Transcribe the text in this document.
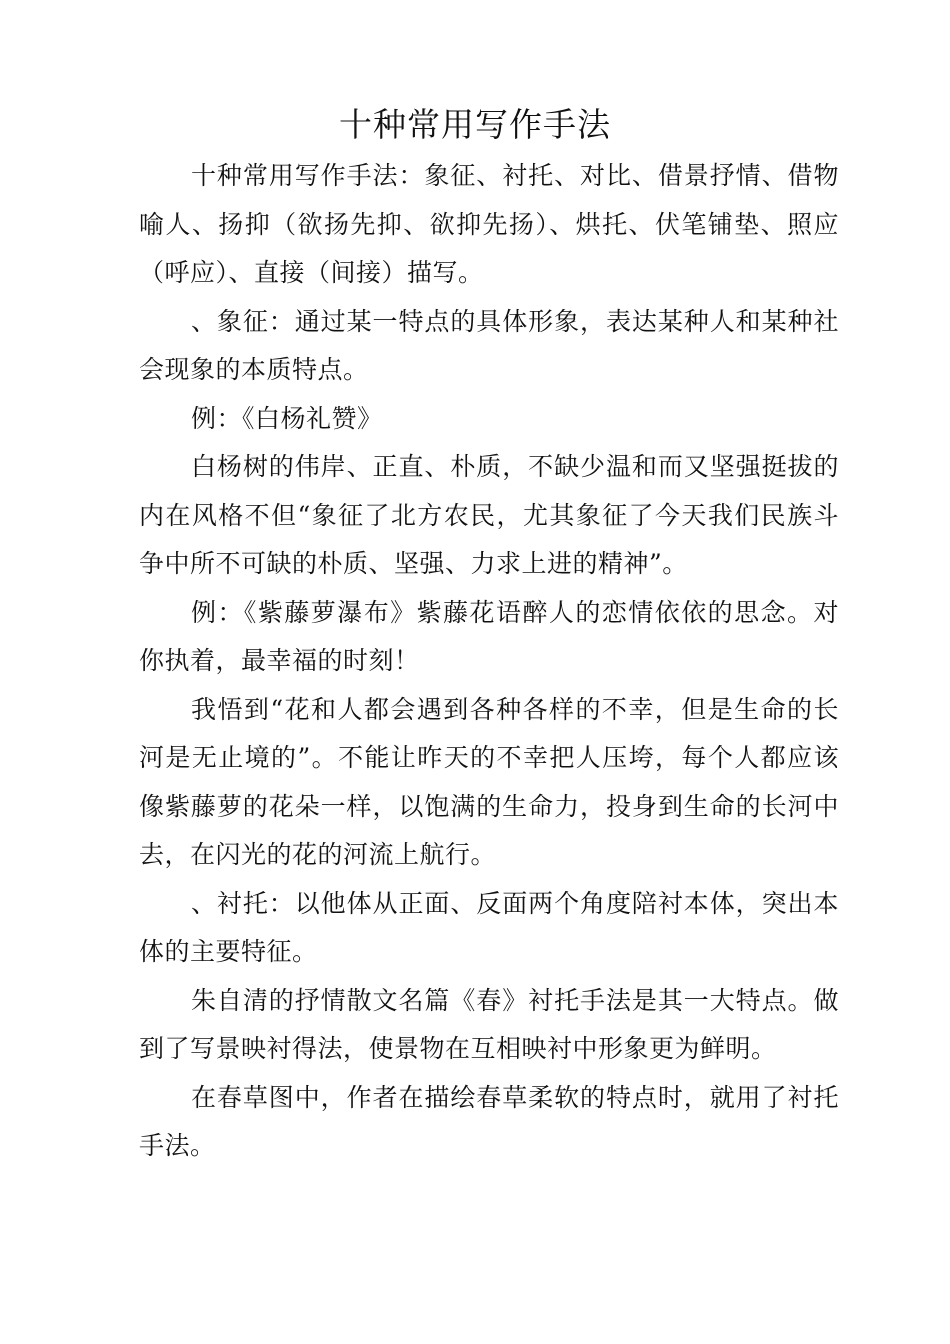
十种常用写作手法

十种常用写作手法：象征、衬托、对比、借景抒情、借物喻人、扬抑（欲扬先抑、欲抑先扬）、烘托、伏笔铺垫、照应（呼应）、直接（间接）描写。

、象征：通过某一特点的具体形象，表达某种人和某种社会现象的本质特点。

例：《白杨礼赞》

白杨树的伟岸、正直、朴质，不缺少温和而又坚强挺拔的内在风格不但“象征了北方农民，尤其象征了今天我们民族斗争中所不可缺的朴质、坚强、力求上进的精神”。

例：《紫藤萝瀑布》紫藤花语醉人的恋情依依的思念。对你执着，最幸福的时刻！

我悟到“花和人都会遇到各种各样的不幸，但是生命的长河是无止境的”。不能让昨天的不幸把人压垮，每个人都应该像紫藤萝的花朵一样，以饱满的生命力，投身到生命的长河中去，在闪光的花的河流上航行。

、衬托：以他体从正面、反面两个角度陪衬本体，突出本体的主要特征。

朱自清的抒情散文名篇《春》衬托手法是其一大特点。做到了写景映衬得法，使景物在互相映衬中形象更为鲜明。

在春草图中，作者在描绘春草柔软的特点时，就用了衬托手法。
